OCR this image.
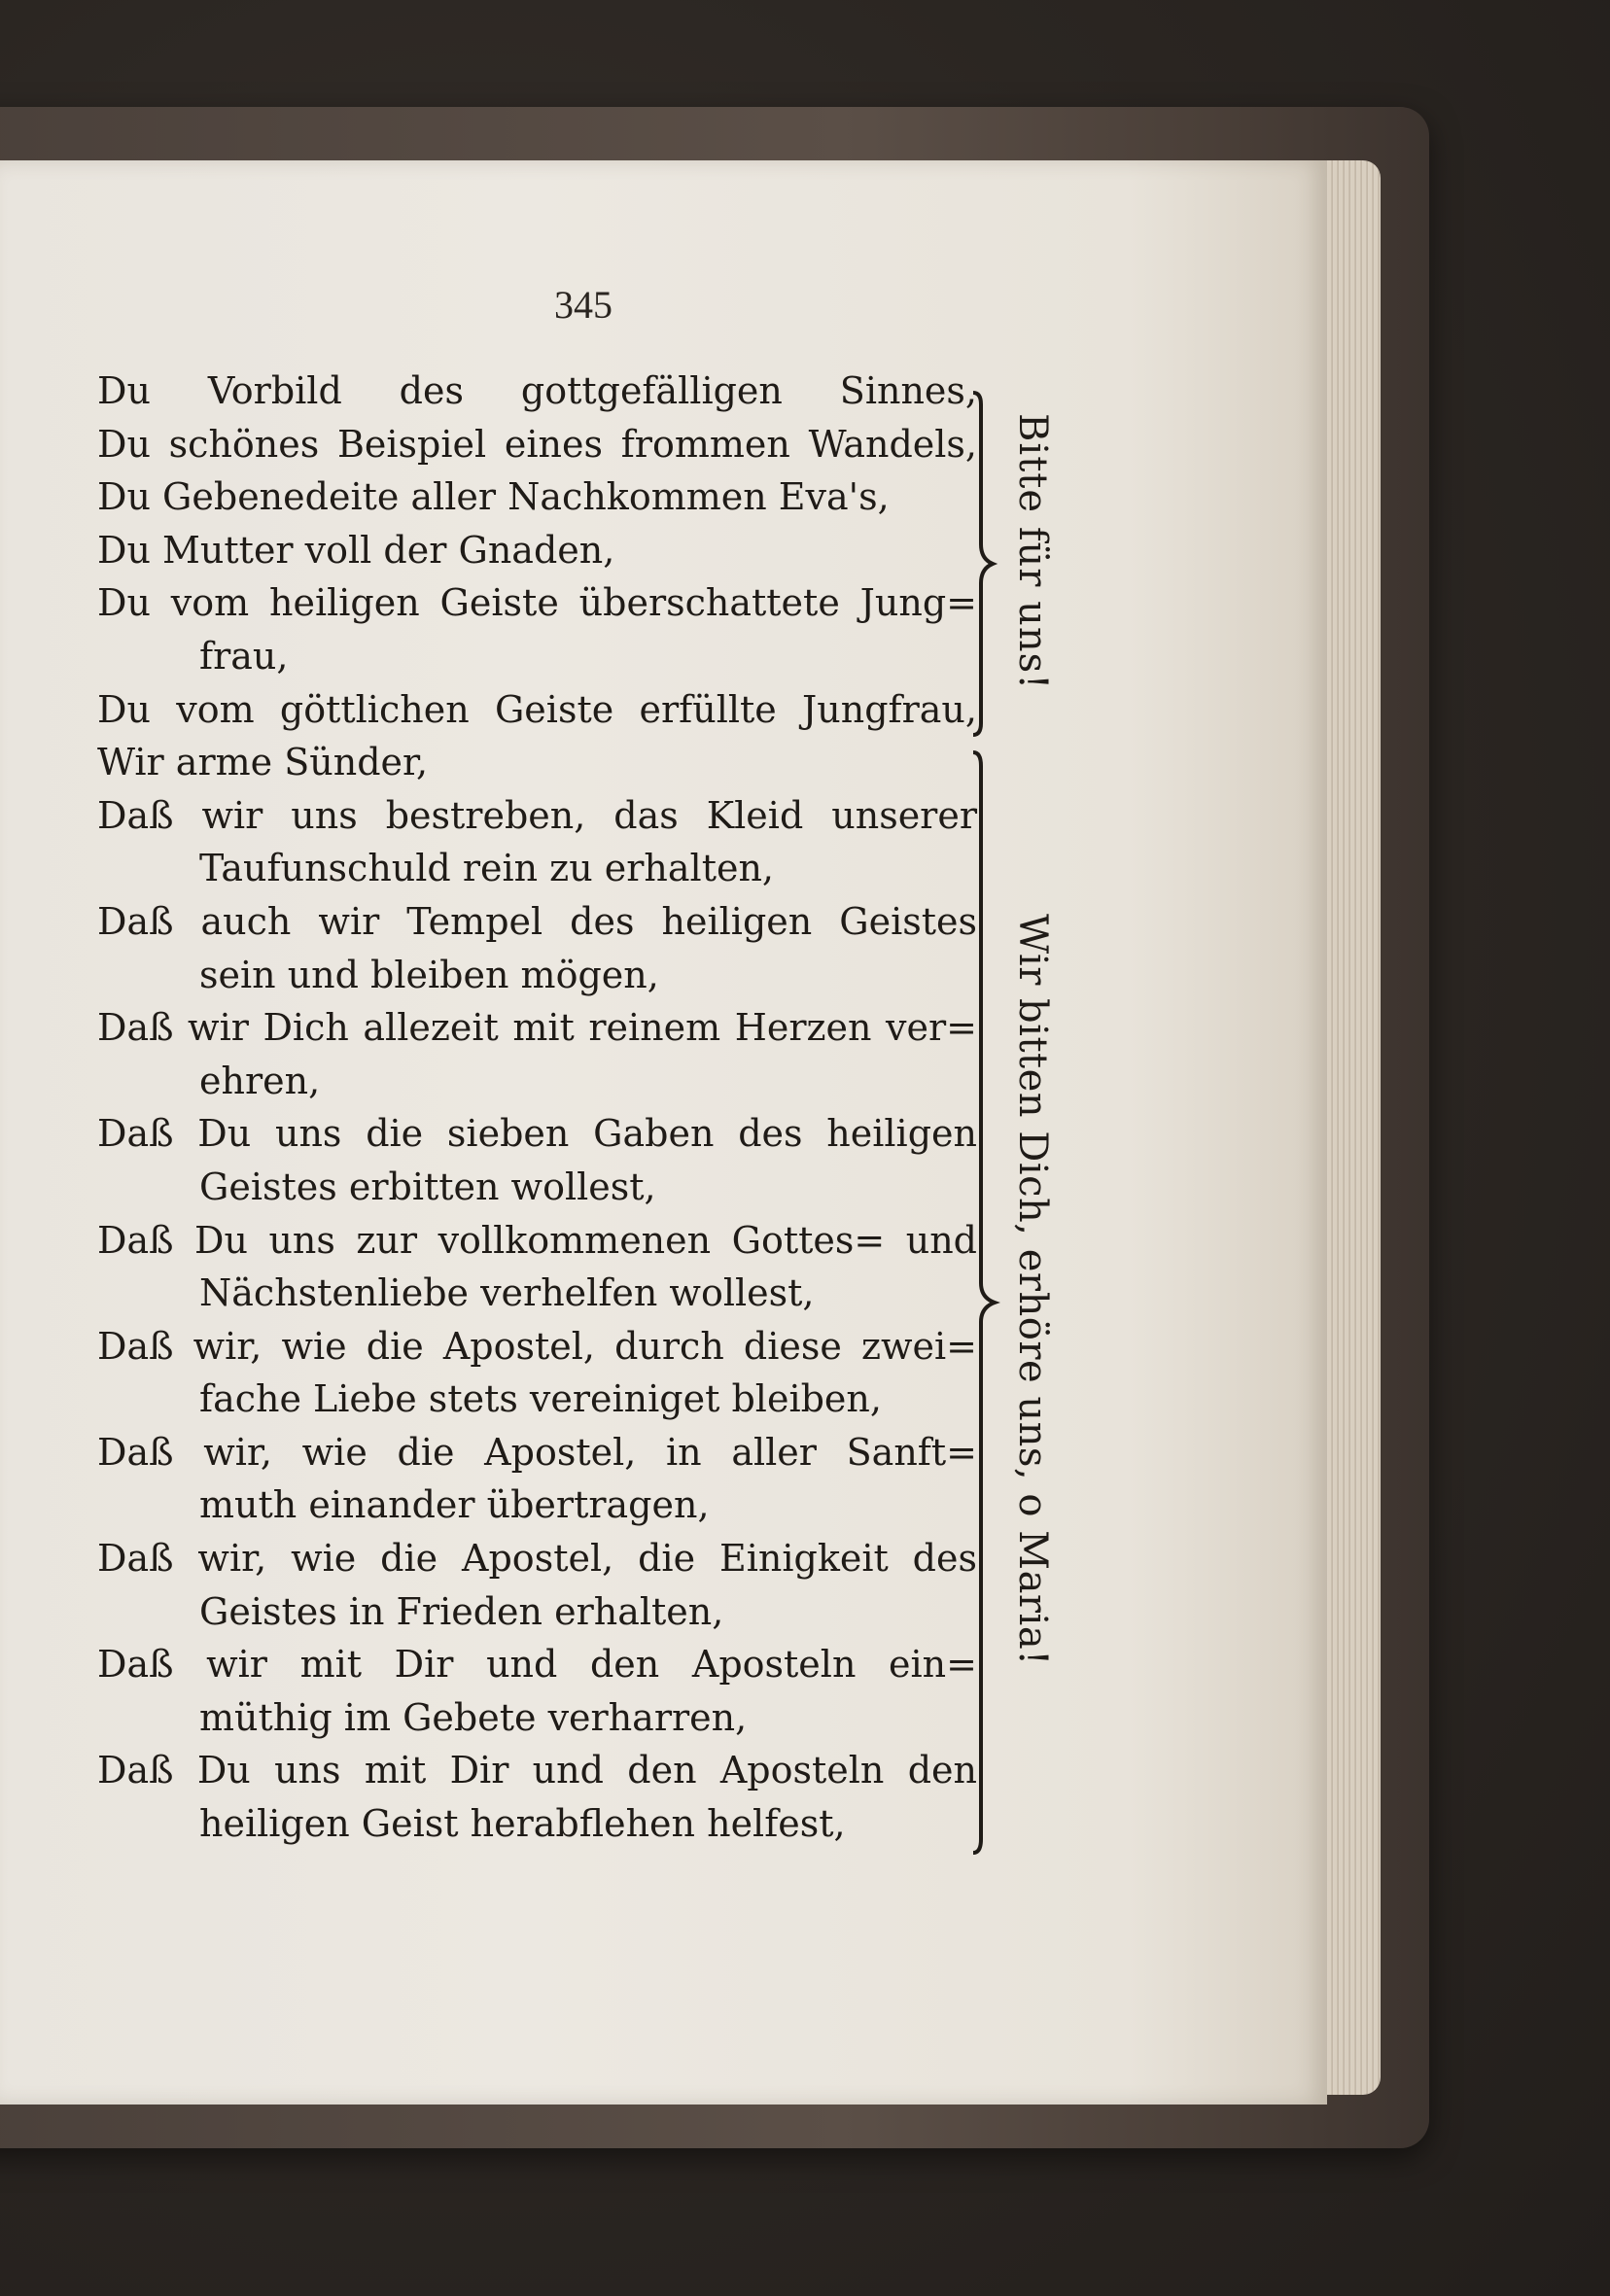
345
Du Vorbild des gottgefälligen Sinnes,
Du schönes Beispiel eines frommen Wandels,
Du Gebenedeite aller Nachkommen Eva's,
Du Mutter voll der Gnaden,
Du vom heiligen Geiste überschattete Jung=
frau,
Du vom göttlichen Geiste erfüllte Jungfrau,
Wir arme Sünder,
Daß wir uns bestreben, das Kleid unserer
Taufunschuld rein zu erhalten,
Daß auch wir Tempel des heiligen Geistes
sein und bleiben mögen,
Daß wir Dich allezeit mit reinem Herzen ver=
ehren,
Daß Du uns die sieben Gaben des heiligen
Geistes erbitten wollest,
Daß Du uns zur vollkommenen Gottes= und
Nächstenliebe verhelfen wollest,
Daß wir, wie die Apostel, durch diese zwei=
fache Liebe stets vereiniget bleiben,
Daß wir, wie die Apostel, in aller Sanft=
muth einander übertragen,
Daß wir, wie die Apostel, die Einigkeit des
Geistes in Frieden erhalten,
Daß wir mit Dir und den Aposteln ein=
müthig im Gebete verharren,
Daß Du uns mit Dir und den Aposteln den
heiligen Geist herabflehen helfest,
Bitte für uns!
Wir bitten Dich, erhöre uns, o Maria!
